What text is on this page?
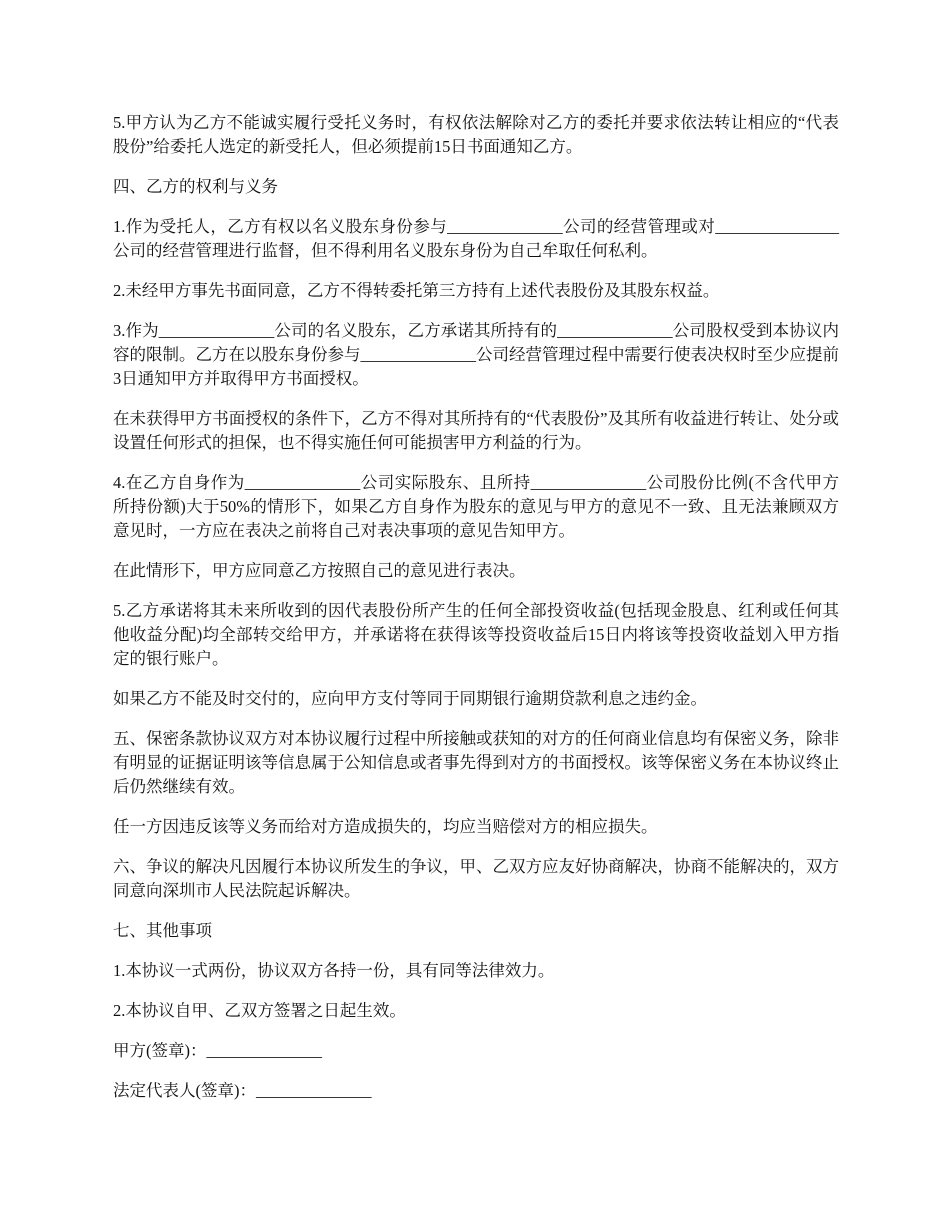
5.甲方认为乙方不能诚实履行受托义务时，有权依法解除对乙方的委托并要求依法转让相应的“代表股份”给委托人选定的新受托人，但必须提前15日书面通知乙方。

四、乙方的权利与义务

1.作为受托人，乙方有权以名义股东身份参与______________公司的经营管理或对_______________公司的经营管理进行监督，但不得利用名义股东身份为自己牟取任何私利。

2.未经甲方事先书面同意，乙方不得转委托第三方持有上述代表股份及其股东权益。

3.作为______________公司的名义股东，乙方承诺其所持有的______________公司股权受到本协议内容的限制。乙方在以股东身份参与______________公司经营管理过程中需要行使表决权时至少应提前3日通知甲方并取得甲方书面授权。

在未获得甲方书面授权的条件下，乙方不得对其所持有的“代表股份”及其所有收益进行转让、处分或设置任何形式的担保，也不得实施任何可能损害甲方利益的行为。

4.在乙方自身作为______________公司实际股东、且所持______________公司股份比例(不含代甲方所持份额)大于50%的情形下，如果乙方自身作为股东的意见与甲方的意见不一致、且无法兼顾双方意见时，一方应在表决之前将自己对表决事项的意见告知甲方。

在此情形下，甲方应同意乙方按照自己的意见进行表决。

5.乙方承诺将其未来所收到的因代表股份所产生的任何全部投资收益(包括现金股息、红利或任何其他收益分配)均全部转交给甲方，并承诺将在获得该等投资收益后15日内将该等投资收益划入甲方指定的银行账户。

如果乙方不能及时交付的，应向甲方支付等同于同期银行逾期贷款利息之违约金。

五、保密条款协议双方对本协议履行过程中所接触或获知的对方的任何商业信息均有保密义务，除非有明显的证据证明该等信息属于公知信息或者事先得到对方的书面授权。该等保密义务在本协议终止后仍然继续有效。

任一方因违反该等义务而给对方造成损失的，均应当赔偿对方的相应损失。

六、争议的解决凡因履行本协议所发生的争议，甲、乙双方应友好协商解决，协商不能解决的，双方同意向深圳市人民法院起诉解决。

七、其他事项

1.本协议一式两份，协议双方各持一份，具有同等法律效力。

2.本协议自甲、乙双方签署之日起生效。

甲方(签章)：______________

法定代表人(签章)：______________
